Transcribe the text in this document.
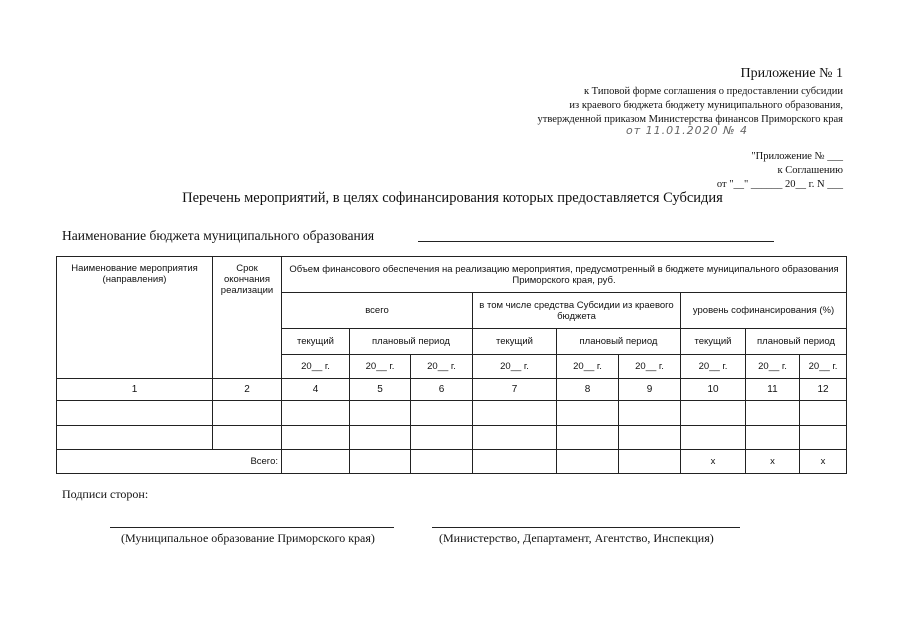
Приложение № 1
к Типовой форме соглашения о предоставлении субсидии
из краевого бюджета бюджету муниципального образования,
утвержденной приказом Министерства финансов Приморского края
от 11.01.2020 № 4
"Приложение № ___
к Соглашению
от "__" ______ 20__ г. N ___
Перечень мероприятий, в целях софинансирования которых предоставляется Субсидия
Наименование бюджета муниципального образования
Наименование мероприятия (направления)	Срок окончания реализации	Объем финансового обеспечения на реализацию мероприятия, предусмотренный в бюджете муниципального образования Приморского края, руб.								
		всего			в том числе средства Субсидии из краевого бюджета			уровень софинансирования (%)		
		текущий	плановый период		текущий	плановый период		текущий	плановый период	
		20__ г.	20__ г.	20__ г.	20__ г.	20__ г.	20__ г.	20__ г.	20__ г.	20__ г.
1	2	4	5	6	7	8	9	10	11	12

Всего:								x	x	x
Подписи сторон:
(Муниципальное образование Приморского края)	(Министерство, Департамент, Агентство, Инспекция)
